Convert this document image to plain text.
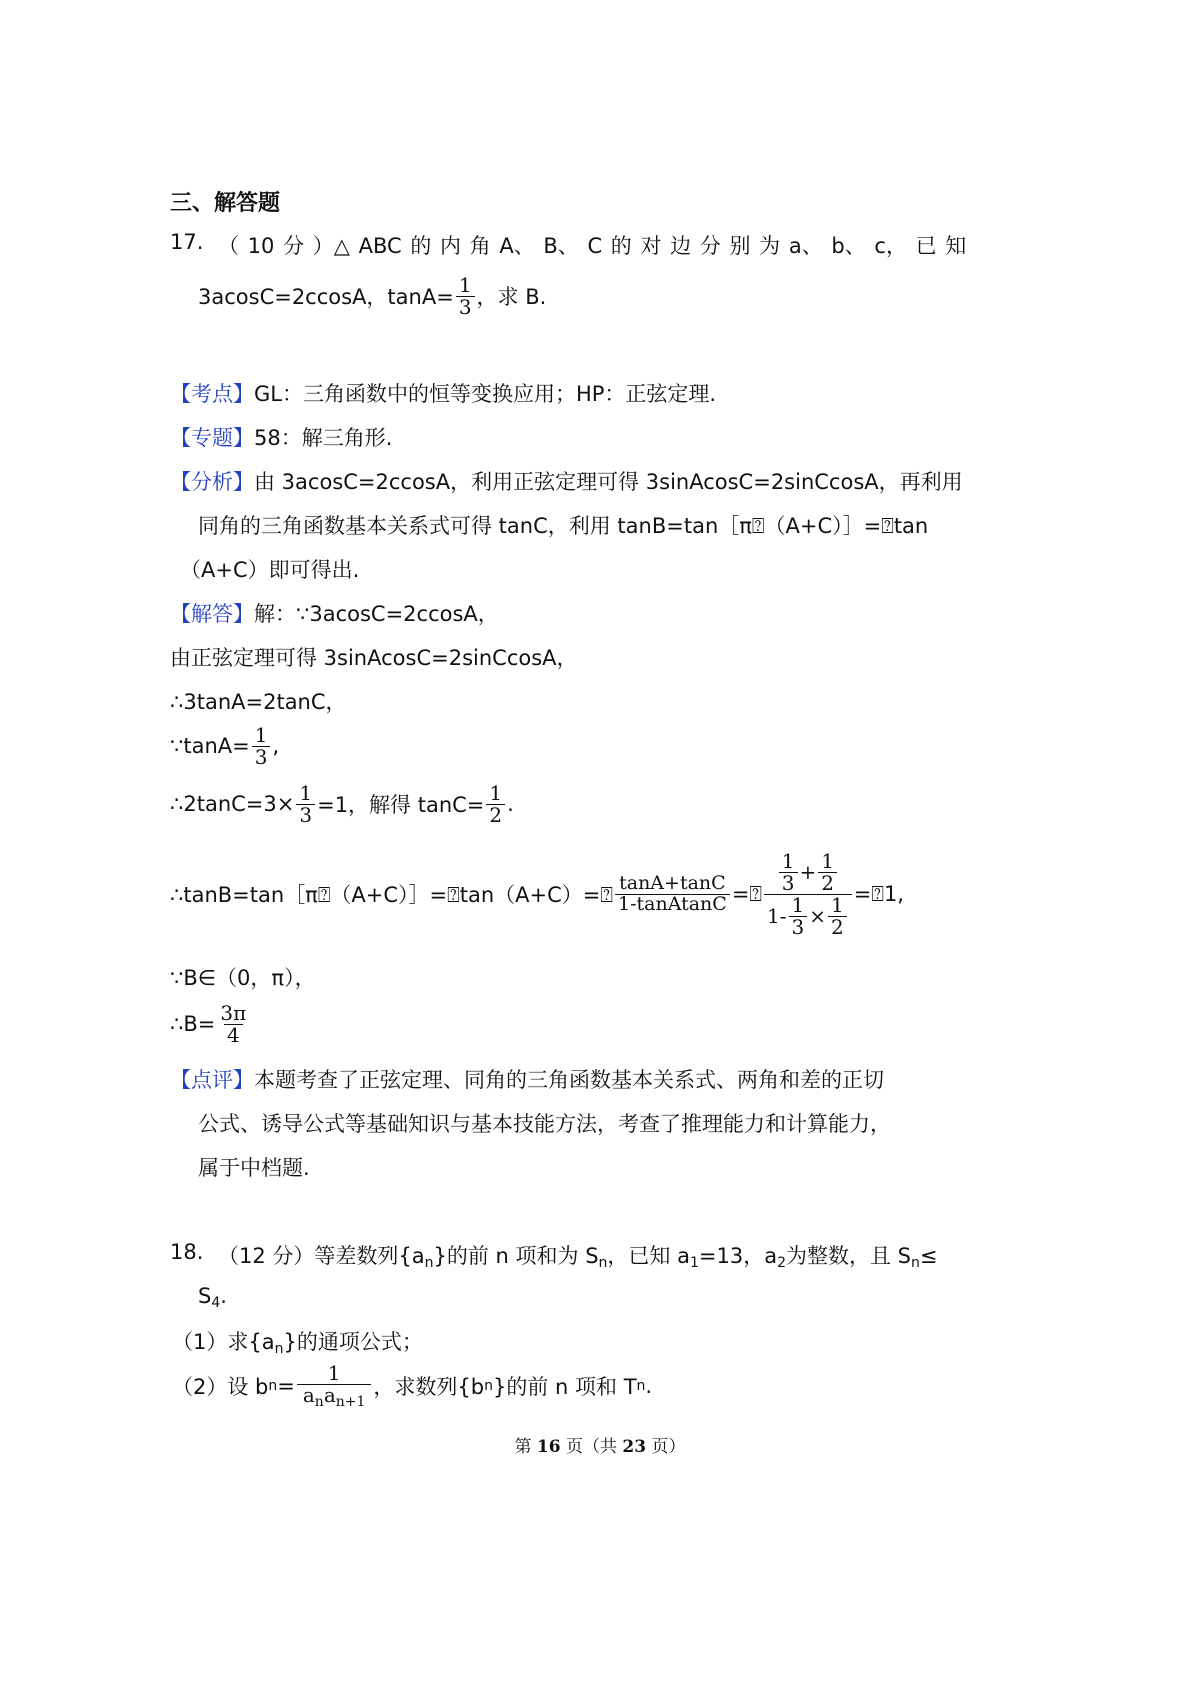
三、解答题
17. （ 10 分 ）△ ABC 的 内 角 A、 B、 C 的 对 边 分 别 为 a、 b、 c， 已 知
3acosC=2ccosA，$\tan A= \frac{1}{3}$ ，求 B.
【考点】GL：三角函数中的恒等变换应用；HP：正弦定理.
【专题】58：解三角形.
【分析】由 3acosC=2ccosA，利用正弦定理可得 3sinAcosC=2sinCcosA，再利用
同角的三角函数基本关系式可得 tanC，利用 tanB=tan［π⍰（A+C）］=⍰tan
（A+C）即可得出.
【解答】解：∵3acosC=2ccosA，
由正弦定理可得 3sinAcosC=2sinCcosA，
∴3tanA=2tanC，
∵tanA= $\frac{1}{3}$ ,
∴2tanC=3× $\frac{1}{3} =1$，解得 $\tan C= \frac{1}{2}$ .
∴tanB=tan［π⍰（A+C）］=⍰tan（A+C）=⍰ $\frac{\tan A+\tan C}{\text{1-tanAtanC}}$ =⍰ $\frac{\frac{1}{3} + \frac{1}{2}}{1- \frac{1}{3} \times \frac{1}{2}}$ =⍰1,
∵B∈（0，π），
∴B= $\frac{3\pi}{4}$
【点评】本题考查了正弦定理、同角的三角函数基本关系式、两角和差的正切
公式、诱导公式等基础知识与基本技能方法，考查了推理能力和计算能力，
属于中档题.
18. （12 分）等差数列$\{a_n\}$的前 n 项和为 $S_n$，已知 $a_1=13$，$a_2$为整数，且 $S_n\le$
$S_4$.
（1）求$\{a_n\}$的通项公式；
（2）设 b $n = \frac{1}{a_na_{n+1}}$ ，求数列{b n }的前 n 项和 T n .
第 16 页（共 23 页）
